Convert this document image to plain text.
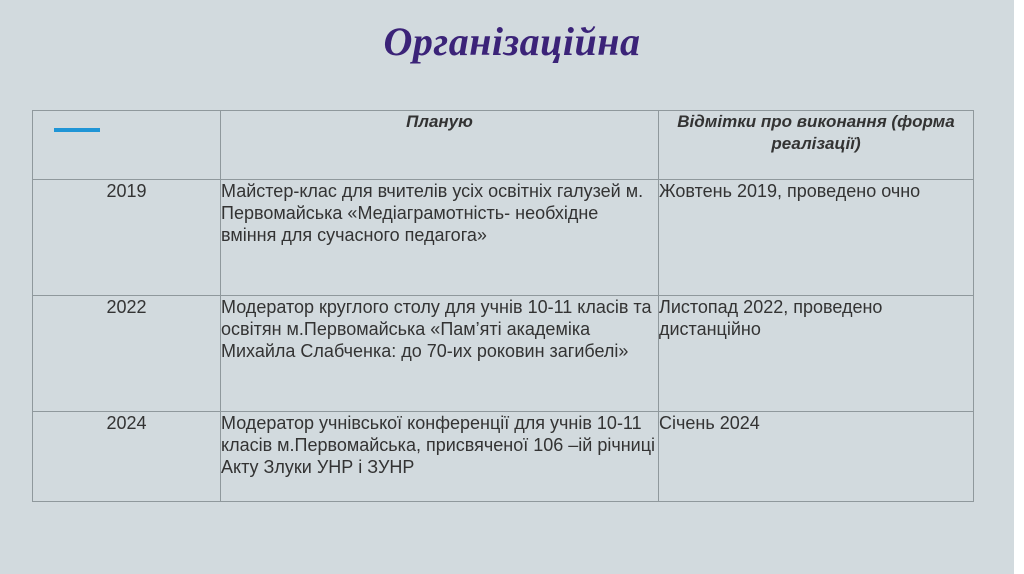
Організаційна
	Планую	Відмітки про виконання (форма реалізації)
2019	Майстер-клас для вчителів усіх освітніх галузей м. Первомайська «Медіаграмотність- необхідне вміння для сучасного педагога»	Жовтень 2019, проведено очно
2022	Модератор круглого столу для учнів 10-11 класів та освітян м.Первомайська «Пам’яті академіка Михайла Слабченка: до 70-их роковин загибелі»	Листопад 2022, проведено дистанційно
2024	Модератор учнівської конференції для учнів 10-11 класів м.Первомайська, присвяченої 106 –ій річниці Акту Злуки УНР і ЗУНР	Січень 2024
